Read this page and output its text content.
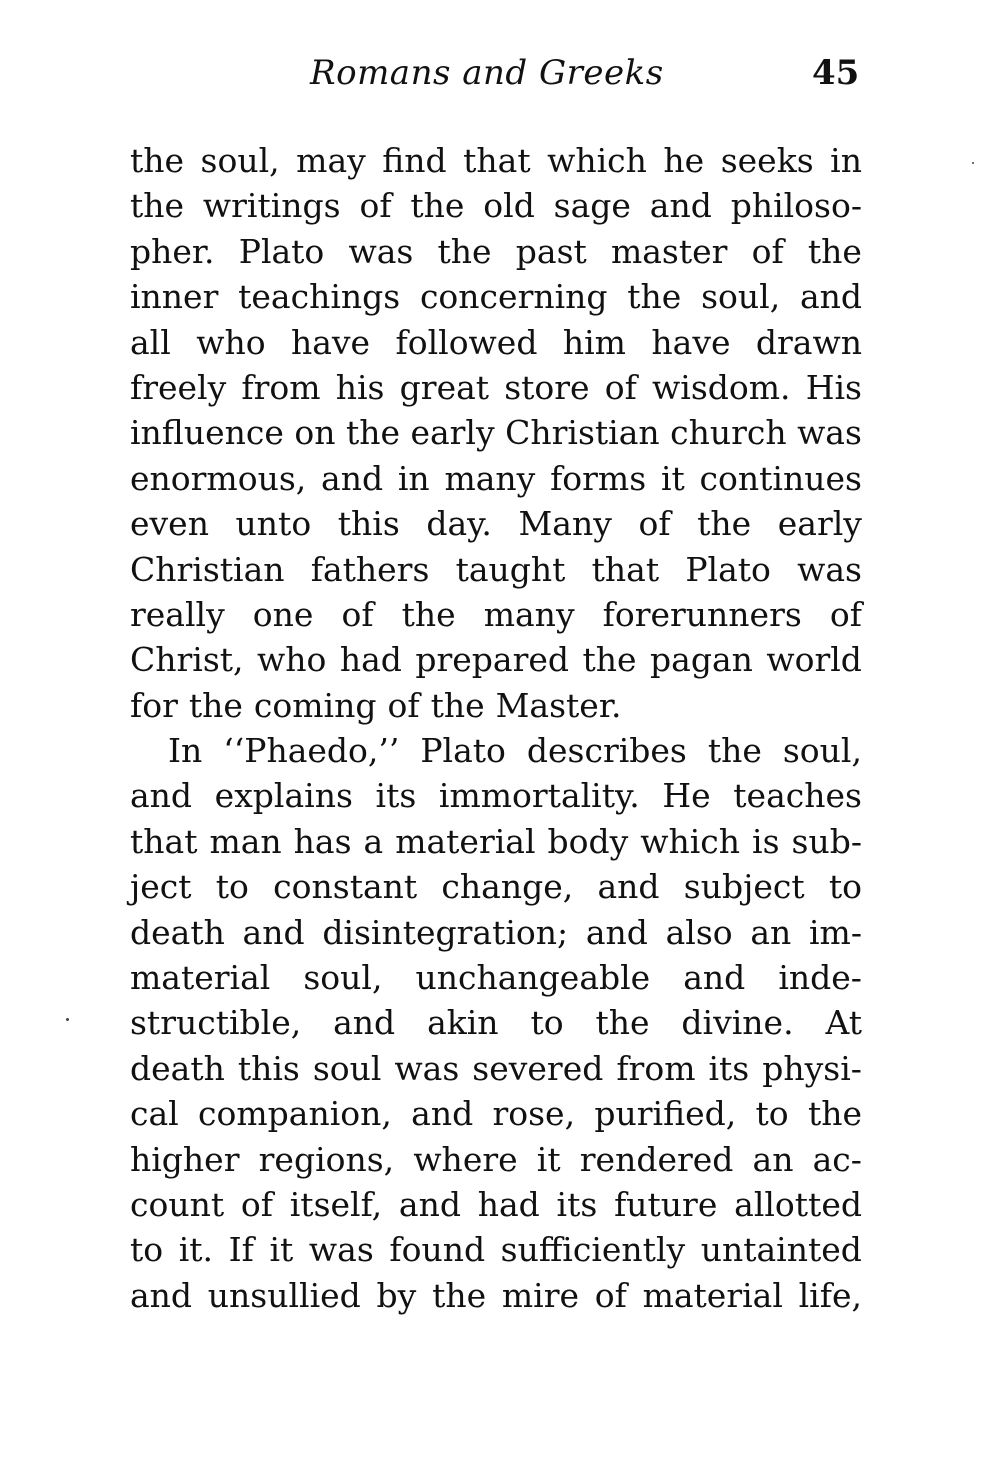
Romans and Greeks	45
the soul, may find that which he seeks in
the writings of the old sage and philoso-
pher. Plato was the past master of the
inner teachings concerning the soul, and
all who have followed him have drawn
freely from his great store of wisdom. His
influence on the early Christian church was
enormous, and in many forms it continues
even unto this day. Many of the early
Christian fathers taught that Plato was
really one of the many forerunners of
Christ, who had prepared the pagan world
for the coming of the Master.
In ‘‘Phaedo,’’ Plato describes the soul,
and explains its immortality. He teaches
that man has a material body which is sub-
ject to constant change, and subject to
death and disintegration; and also an im-
material soul, unchangeable and inde-
structible, and akin to the divine. At
death this soul was severed from its physi-
cal companion, and rose, purified, to the
higher regions, where it rendered an ac-
count of itself, and had its future allotted
to it. If it was found sufficiently untainted
and unsullied by the mire of material life,
